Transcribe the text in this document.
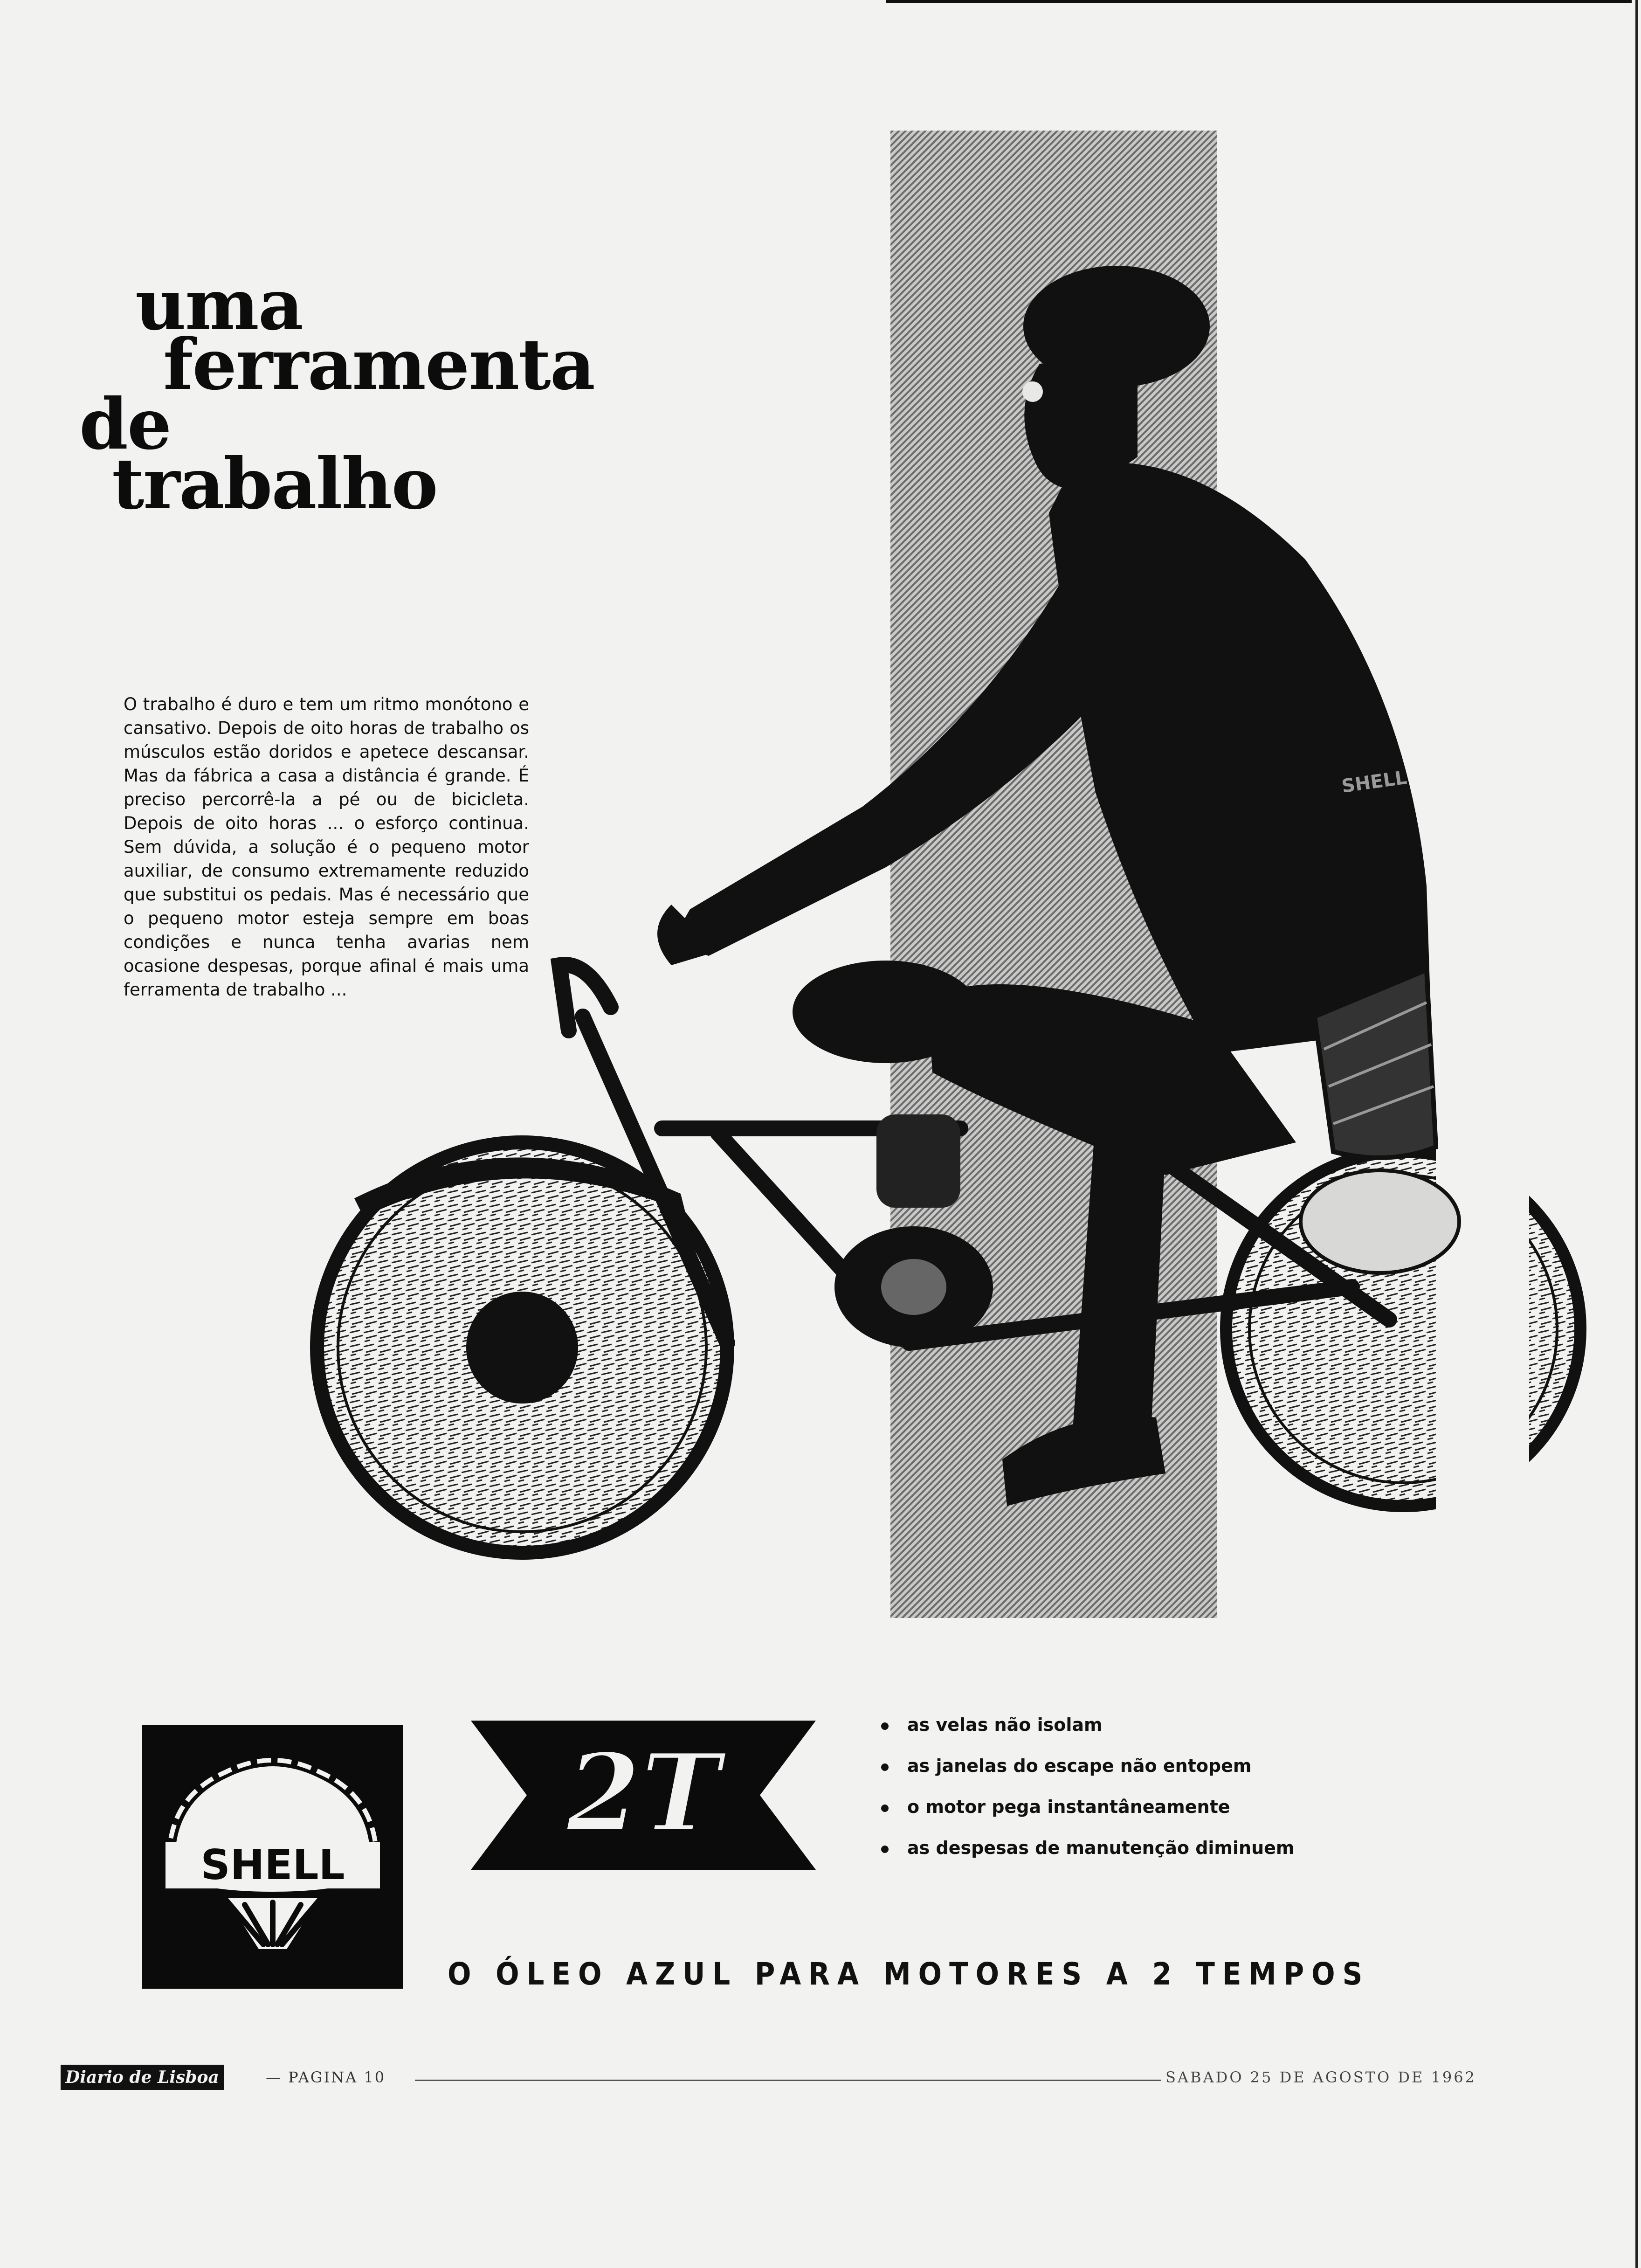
SHELL
uma
ferramenta
de
trabalho
O trabalho é duro e tem um ritmo monótono e cansativo. Depois de oito horas de trabalho os músculos estão doridos e apetece descansar. Mas da fábrica a casa a distância é grande. É preciso percorrê-la a pé ou de bicicleta. Depois de oito horas ... o esforço continua. Sem dúvida, a solução é o pequeno motor auxiliar, de consumo extremamente reduzido que substitui os pedais. Mas é necessário que o pequeno motor esteja sempre em boas condições e nunca tenha avarias nem ocasione despesas, porque afinal é mais uma ferramenta de trabalho ...
SHELL
2T
as velas não isolam
as janelas do escape não entopem
o motor pega instantâneamente
as despesas de manutenção diminuem
O ÓLEO AZUL PARA MOTORES A 2 TEMPOS
Diario de Lisboa	— PAGINA 10	SABADO 25 DE AGOSTO DE 1962
